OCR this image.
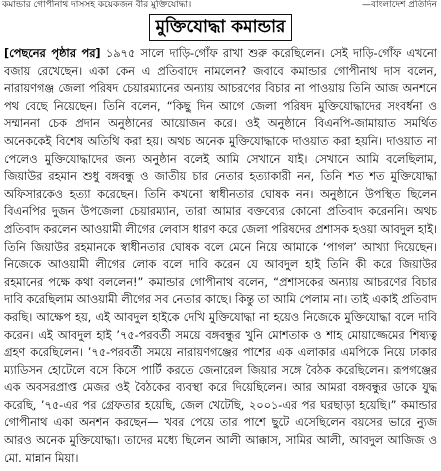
কমান্ডার গোপীনাথ দাসসহ কয়েকজন বীর মুক্তিযোদ্ধা।	—বাংলাদেশ প্রতিদিন
মুক্তিযোদ্ধা কমান্ডার

[পেছনের পৃষ্ঠার পর] ১৯৭৫ সালে দাড়ি-গোঁফ রাখা শুরু করেছিলেন। সেই দাড়ি-গোঁফ এখনো বজায় রেখেছেন। একা কেন এ প্রতিবাদে নামলেন? জবাবে কমান্ডার গোপীনাথ দাস বলেন, নারায়ণগঞ্জ জেলা পরিষদ চেয়ারম্যানের অন্যায় আচরণের বিচার না পাওয়ায় তিনি আজ অনশনে পথ বেছে নিয়েছেন। তিনি বলেন, “কিছু দিন আগে জেলা পরিষদ মুক্তিযোদ্ধাদের সংবর্ধনা ও সম্মাননা চেক প্রদান অনুষ্ঠানের আয়োজন করে। ওই অনুষ্ঠানে বিএনপি-জামায়াত সমর্থিত অনেককেই বিশেষ অতিথি করা হয়। অথচ অনেক মুক্তিযোদ্ধাকে দাওয়াত করা হয়নি। দাওয়াত না পেলেও মুক্তিযোদ্ধাদের জন্য অনুষ্ঠান বলেই আমি সেখানে যাই। সেখানে আমি বলেছিলাম, জিয়াউর রহমান শুধু বঙ্গবন্ধু ও জাতীয় চার নেতার হত্যাকারী নন, তিনি শত শত মুক্তিযোদ্ধা অফিসারকেও হত্যা করেছেন। তিনি কখনো স্বাধীনতার ঘোষক নন। অনুষ্ঠানে উপস্থিত ছিলেন বিএনপির দুজন উপজেলা চেয়ারম্যান, তারা আমার বক্তব্যের কোনো প্রতিবাদ করেননি। অথচ প্রতিবাদ করলেন আওয়ামী লীগের লেবাস ধারণ করে জেলা পরিষদের প্রশাসক হওয়া আবদুল হাই। তিনি জিয়াউর রহমানকে স্বাধীনতার ঘোষক বলে মেনে নিয়ে আমাকে ‘পাগল’ আখ্যা দিয়েছেন। নিজেকে আওয়ামী লীগের লোক বলে দাবি করেন যে আবদুল হাই তিনি কী করে জিয়াউর রহমানের পক্ষে কথা বললেন!” কমান্ডার গোপীনাথ বলেন, “প্রশাসকের অন্যায় আচরণের বিচার দাবি করেছিলাম আওয়ামী লীগের সব নেতার কাছে। কিন্তু তা আমি পেলাম না। তাই একাই প্রতিবাদ করছি। আক্ষেপ হয়, এই আবদুল হাইকে দেখি মুক্তিযোদ্ধা না হয়েও নিজেকে মুক্তিযোদ্ধা বলে দাবি করেন। এই আবদুল হাই ’৭৫-পরবর্তী সময়ে বঙ্গবন্ধুর খুনি মোশতাক ও শাহ মোয়াজ্জেমের শিষ্যত্ব গ্রহণ করেছিলেন। ’৭৫-পরবর্তী সময়ে নারায়ণগঞ্জের পাশের এক এলাকার এমপিকে নিয়ে ঢাকার ম্যাডিসন হোটেলে বসে কিসে পার্টি করতে জেনারেল জিয়ার সঙ্গে বৈঠক করেছিলেন। রূপগঞ্জের এক অবসরপ্রাপ্ত মেজর ওই বৈঠকের ব্যবস্থা করে দিয়েছিলেন। আর আমরা বঙ্গবন্ধুর ডাকে যুদ্ধ করেছি, ’৭৫-এর পর গ্রেফতার হয়েছি, জেল খেটেছি, ২০০১-এর পর ঘরছাড়া হয়েছি।” কমান্ডার গোপীনাথ একা অনশন করছেন— খবর পেয়ে তার পাশে ছুটে এসেছিলেন বয়সের ভারে ন্যুজ আরও অনেক মুক্তিযোদ্ধা। তাদের মধ্যে ছিলেন আলী আক্কাস, সামির আলী, আবদুল আজিজ ও মো. মান্নান মিয়া।
